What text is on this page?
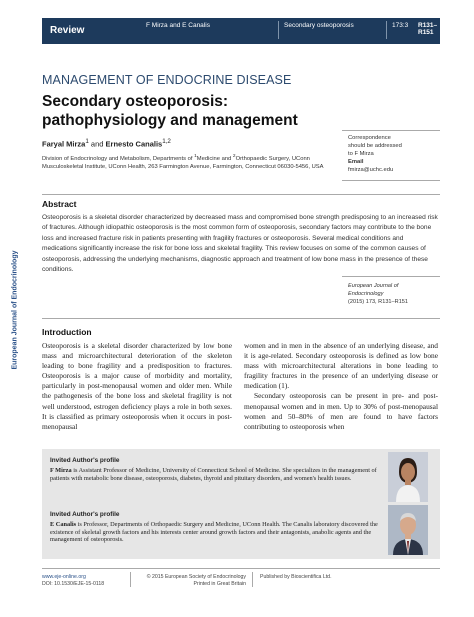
Review	F Mirza and E Canalis	Secondary osteoporosis	173:3 R131–R151
European Journal of Endocrinology
MANAGEMENT OF ENDOCRINE DISEASE
Secondary osteoporosis: pathophysiology and management
Faryal Mirza$^1$ and Ernesto Canalis$^{1,2}$
Division of Endocrinology and Metabolism, Departments of $^1$Medicine and $^2$Orthopaedic Surgery, UConn
Musculoskeletal Institute, UConn Health, 263 Farmington Avenue, Farmington, Connecticut 06030-5456, USA
Correspondence
should be addressed
to F Mirza
Email
fmirza@uchc.edu
Abstract
Osteoporosis is a skeletal disorder characterized by decreased mass and compromised bone strength predisposing to an increased risk of fractures. Although idiopathic osteoporosis is the most common form of osteoporosis, secondary factors may contribute to the bone loss and increased fracture risk in patients presenting with fragility fractures or osteoporosis. Several medical conditions and medications significantly increase the risk for bone loss and skeletal fragility. This review focuses on some of the common causes of osteoporosis, addressing the underlying mechanisms, diagnostic approach and treatment of low bone mass in the presence of these conditions.
European Journal of
Endocrinology
(2015) 173, R131–R151
Introduction
Osteoporosis is a skeletal disorder characterized by low bone mass and microarchitectural deterioration of the skeleton leading to bone fragility and a predisposition to fractures. Osteoporosis is a major cause of morbidity and mortality, particularly in post-menopausal women and older men. While the pathogenesis of the bone loss and skeletal fragility is not well understood, estrogen deficiency plays a role in both sexes. It is classified as primary osteoporosis when it occurs in post-menopausal

women and in men in the absence of an underlying disease, and it is age-related. Secondary osteoporosis is defined as low bone mass with microarchitectural alterations in bone leading to fragility fractures in the presence of an underlying disease or medication (1).

Secondary osteoporosis can be present in pre- and post-menopausal women and in men. Up to 30% of post-menopausal women and 50–80% of men are found to have factors contributing to osteoporosis when

Invited Author's profile
F Mirza is Assistant Professor of Medicine, University of Connecticut School of Medicine. She specializes in the management of patients with metabolic bone disease, osteoporosis, diabetes, thyroid and pituitary disorders, and women's health issues.
Invited Author's profile
E Canalis is Professor, Departments of Orthopaedic Surgery and Medicine, UConn Health. The Canalis laboratory discovered the existence of skeletal growth factors and his interests center around growth factors and their antagonists, anabolic agents and the management of osteoporosis.
www.eje-online.org
DOI: 10.1530/EJE-15-0118
© 2015 European Society of Endocrinology
Printed in Great Britain
Published by Bioscientifica Ltd.
